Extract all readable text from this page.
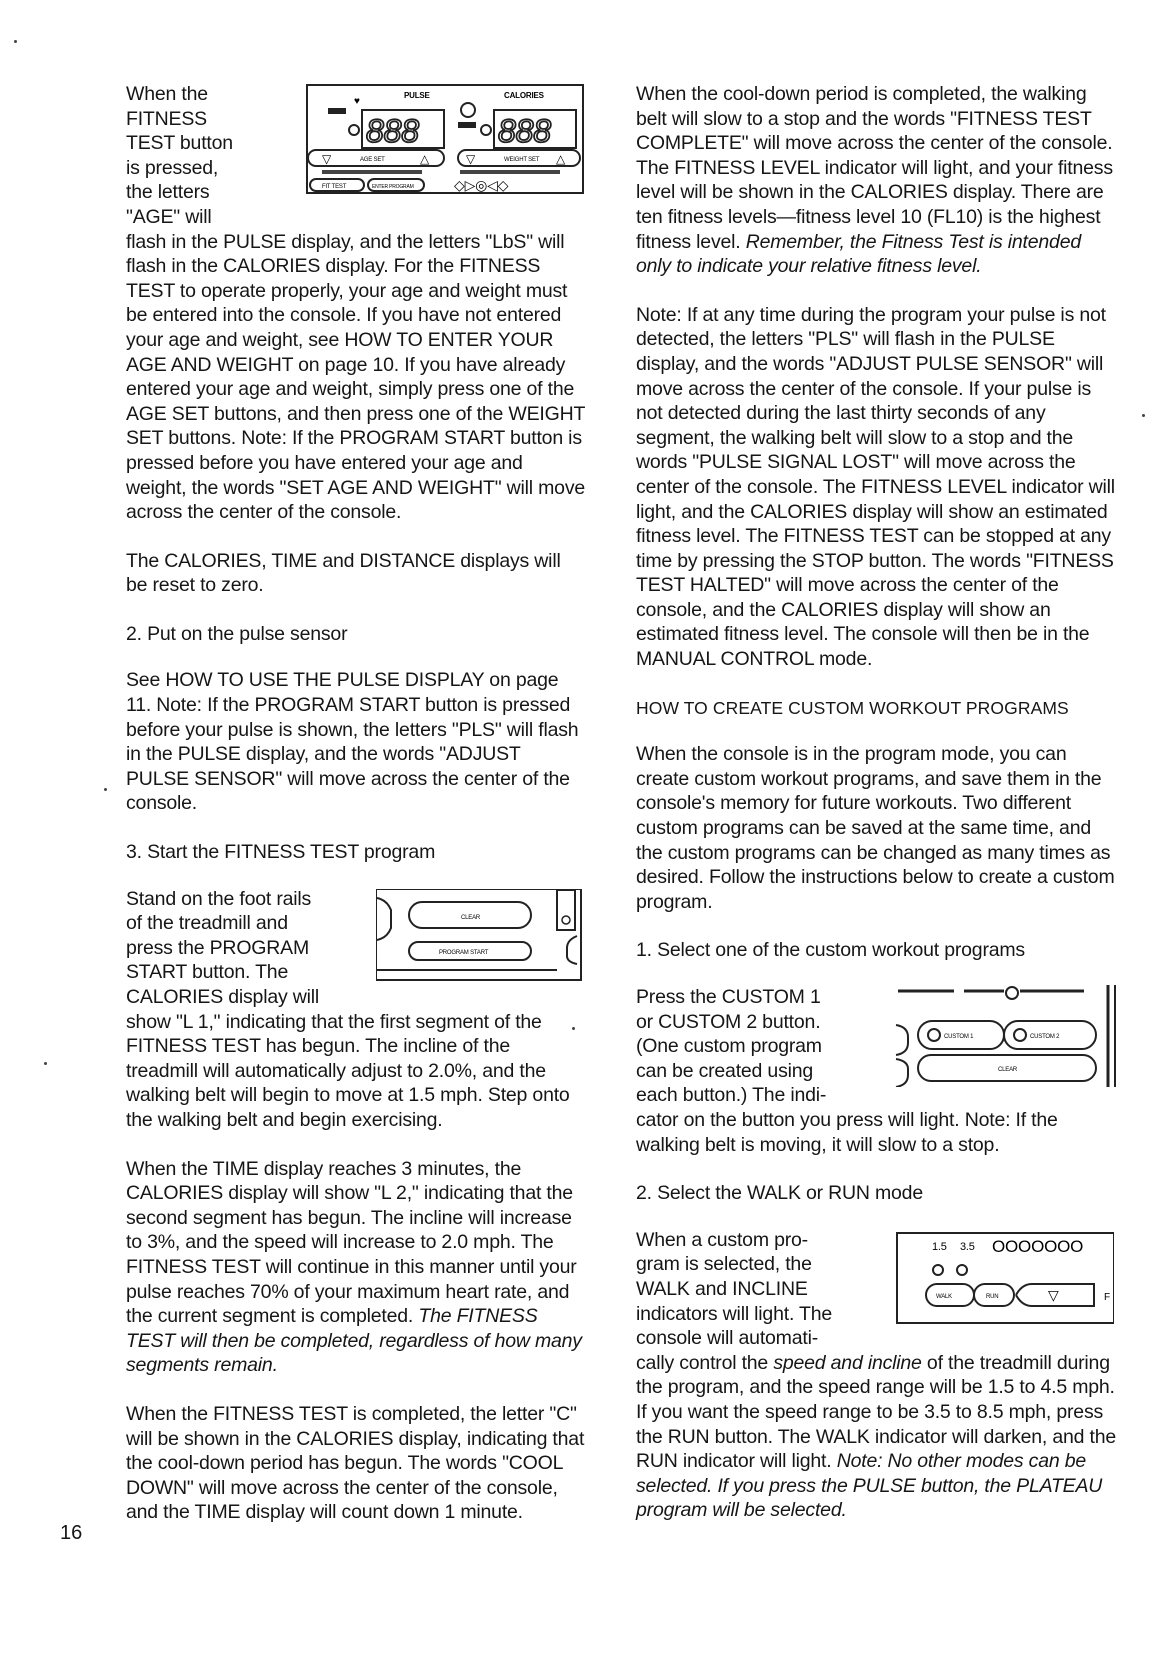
PULSE	CALORIES
♥
888 888
AGE SET	WEIGHT SET
▽	△	▽	△
FIT TEST	ENTER PROGRAM	◇▷◎◁◇
When the
FITNESS
TEST button
is pressed,
the letters
"AGE" will

flash in the PULSE display, and the letters "LbS" will flash in the CALORIES display. For the FITNESS TEST to operate properly, your age and weight must be entered into the console. If you have not entered your age and weight, see HOW TO ENTER YOUR AGE AND WEIGHT on page 10. If you have already entered your age and weight, simply press one of the AGE SET buttons, and then press one of the WEIGHT SET buttons. Note: If the PROGRAM START button is pressed before you have entered your age and weight, the words "SET AGE AND WEIGHT" will move across the center of the console.

The CALORIES, TIME and DISTANCE displays will be reset to zero.

2. Put on the pulse sensor

See HOW TO USE THE PULSE DISPLAY on page 11. Note: If the PROGRAM START button is pressed before your pulse is shown, the letters "PLS" will flash in the PULSE display, and the words "ADJUST PULSE SENSOR" will move across the center of the console.

3. Start the FITNESS TEST program

CLEAR
PROGRAM START
Stand on the foot rails
of the treadmill and
press the PROGRAM
START button. The
CALORIES display will

show "L 1," indicating that the first segment of the FITNESS TEST has begun. The incline of the treadmill will automatically adjust to 2.0%, and the walking belt will begin to move at 1.5 mph. Step onto the walking belt and begin exercising.

When the TIME display reaches 3 minutes, the CALORIES display will show "L 2," indicating that the second segment has begun. The incline will increase to 3%, and the speed will increase to 2.0 mph. The FITNESS TEST will continue in this manner until your pulse reaches 70% of your maximum heart rate, and the current segment is completed. The FITNESS TEST will then be completed, regardless of how many segments remain.

When the FITNESS TEST is completed, the letter "C" will be shown in the CALORIES display, indicating that the cool-down period has begun. The words "COOL DOWN" will move across the center of the console, and the TIME display will count down 1 minute.

When the cool-down period is completed, the walking belt will slow to a stop and the words "FITNESS TEST COMPLETE" will move across the center of the console. The FITNESS LEVEL indicator will light, and your fitness level will be shown in the CALORIES display. There are ten fitness levels—fitness level 10 (FL10) is the highest fitness level. Remember, the Fitness Test is intended only to indicate your relative fitness level.

Note: If at any time during the program your pulse is not detected, the letters "PLS" will flash in the PULSE display, and the words "ADJUST PULSE SENSOR" will move across the center of the console. If your pulse is not detected during the last thirty seconds of any segment, the walking belt will slow to a stop and the words "PULSE SIGNAL LOST" will move across the center of the console. The FITNESS LEVEL indicator will light, and the CALORIES display will show an estimated fitness level. The FITNESS TEST can be stopped at any time by pressing the STOP button. The words "FITNESS TEST HALTED" will move across the center of the console, and the CALORIES display will show an estimated fitness level. The console will then be in the MANUAL CONTROL mode.

HOW TO CREATE CUSTOM WORKOUT PROGRAMS

When the console is in the program mode, you can create custom workout programs, and save them in the console's memory for future workouts. Two different custom programs can be saved at the same time, and the custom programs can be changed as many times as desired. Follow the instructions below to create a custom program.

1. Select one of the custom workout programs

CUSTOM 1	CUSTOM 2
CLEAR
Press the CUSTOM 1
or CUSTOM 2 button.
(One custom program
can be created using
each button.) The indi-

cator on the button you press will light. Note: If the walking belt is moving, it will slow to a stop.

2. Select the WALK or RUN mode

1.5 3.5 OOOOOOO
WALK	RUN	▽	F
When a custom pro-
gram is selected, the
WALK and INCLINE
indicators will light. The
console will automati-

cally control the speed and incline of the treadmill during the program, and the speed range will be 1.5 to 4.5 mph. If you want the speed range to be 3.5 to 8.5 mph, press the RUN button. The WALK indicator will darken, and the RUN indicator will light. Note: No other modes can be selected. If you press the PULSE button, the PLATEAU program will be selected.

16
